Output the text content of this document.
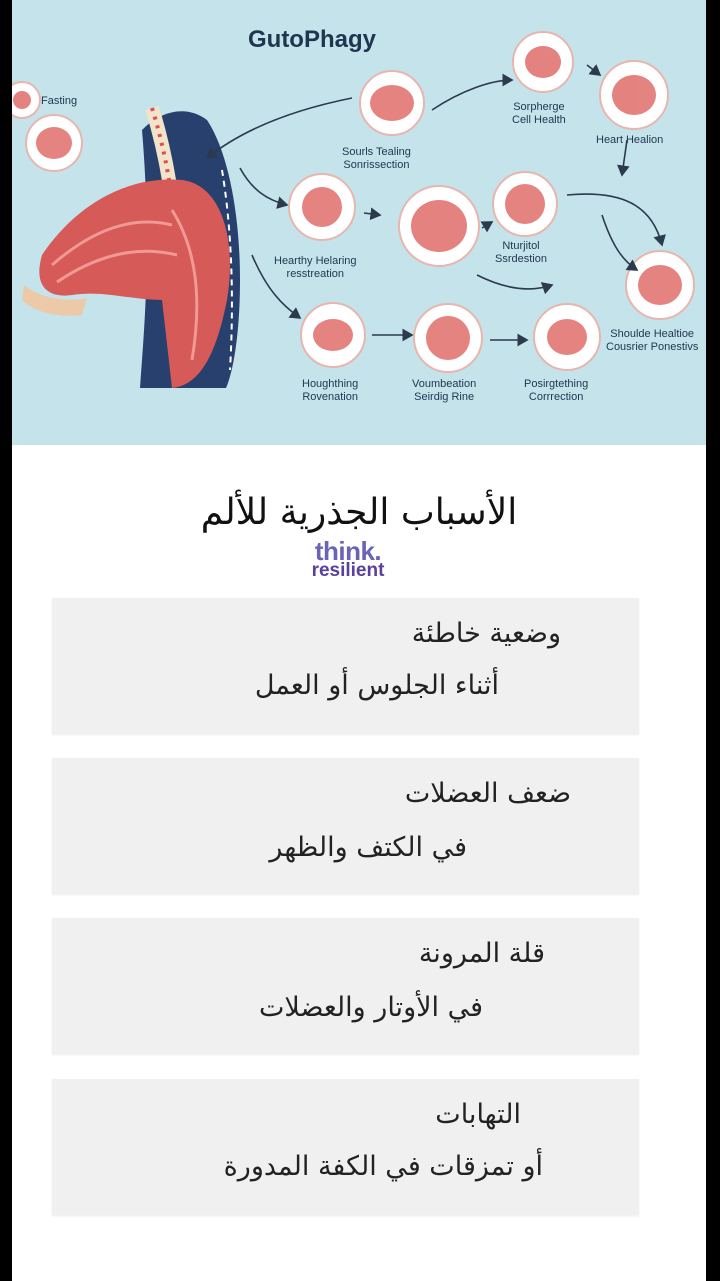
GutoPhagy
Fasting
Sourls Tealing
Sonrissection
Sorpherge
Cell Health
Heart Healion
Hearthy Helaring
resstreation
Nturjitol
Ssrdestion
Shoulde Healtioe
Cousrier Ponestivs
Houghthing
Rovenation
Voumbeation
Seirdig Rine
Posirgtething
Corrrection
الأسباب الجذرية للألم
think.
resilient
وضعية خاطئة
أثناء الجلوس أو العمل
ضعف العضلات
في الكتف والظهر
قلة المرونة
في الأوتار والعضلات
التهابات
أو تمزقات في الكفة المدورة
